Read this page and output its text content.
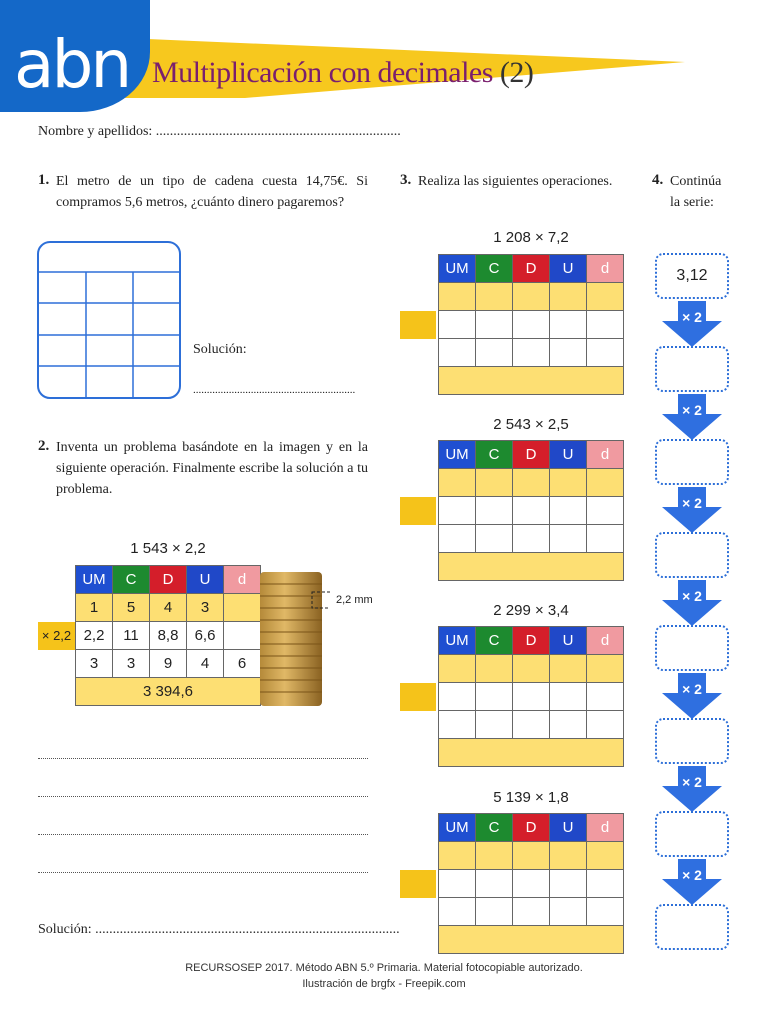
abn Multiplicación con decimales (2)
Nombre y apellidos: ......................................................................
1. El metro de un tipo de cadena cuesta 14,75€. Si compramos 5,6 metros, ¿cuánto dinero pagaremos?
Solución:
...........................................................
2. Inventa un problema basándote en la imagen y en la siguiente operación. Finalmente escribe la solución a tu problema.
1 543 × 2,2
UM	C	D	U	d
1	5	4	3	
2,2	11	8,8	6,6	
3	3	9	4	6
3 394,6				
× 2,2
2,2 mm
Solución: .......................................................................................
3. Realiza las siguientes operaciones.
1 208 × 7,2
2 543 × 2,5
2 299 × 3,4
5 139 × 1,8
UM	C	D	U	d

UM	C	D	U	d

UM	C	D	U	d

UM	C	D	U	d

4. Continúa
la serie:
3,12
× 2
× 2
× 2
× 2
× 2
× 2
× 2
RECURSOSEP 2017. Método ABN 5.º Primaria. Material fotocopiable autorizado.
Ilustración de brgfx - Freepik.com
